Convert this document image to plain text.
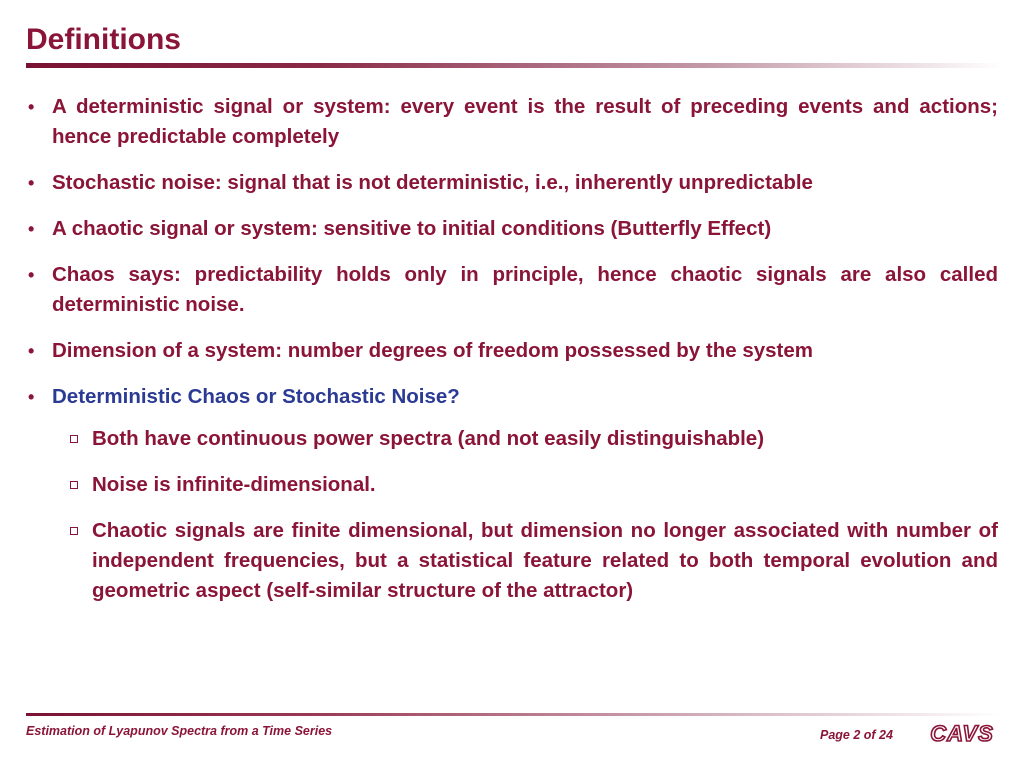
Definitions
• A deterministic signal or system: every event is the result of preceding events and actions; hence predictable completely
• Stochastic noise: signal that is not deterministic, i.e., inherently unpredictable
• A chaotic signal or system: sensitive to initial conditions (Butterfly Effect)
• Chaos says: predictability holds only in principle, hence chaotic signals are also called deterministic noise.
• Dimension of a system: number degrees of freedom possessed by the system
• Deterministic Chaos or Stochastic Noise?
Both have continuous power spectra (and not easily distinguishable)
Noise is infinite-dimensional.
Chaotic signals are finite dimensional, but dimension no longer associated with number of independent frequencies, but a statistical feature related to both temporal evolution and geometric aspect (self-similar structure of the attractor)
Estimation of Lyapunov Spectra from a Time Series	Page 2 of 24 CAVS
